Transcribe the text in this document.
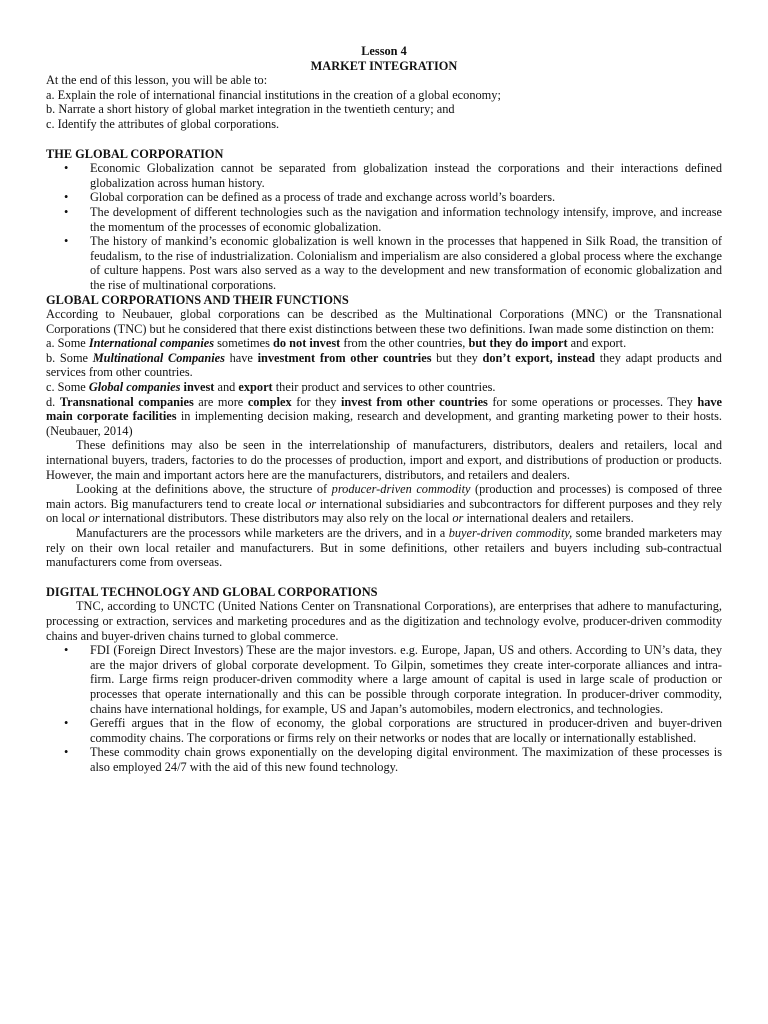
Lesson 4
MARKET INTEGRATION
At the end of this lesson, you will be able to:
a. Explain the role of international financial institutions in the creation of a global economy;
b. Narrate a short history of global market integration in the twentieth century; and
c. Identify the attributes of global corporations.
THE GLOBAL CORPORATION
• Economic Globalization cannot be separated from globalization instead the corporations and their interactions defined globalization across human history.
• Global corporation can be defined as a process of trade and exchange across world’s boarders.
• The development of different technologies such as the navigation and information technology intensify, improve, and increase the momentum of the processes of economic globalization.
• The history of mankind’s economic globalization is well known in the processes that happened in Silk Road, the transition of feudalism, to the rise of industrialization. Colonialism and imperialism are also considered a global process where the exchange of culture happens. Post wars also served as a way to the development and new transformation of economic globalization and the rise of multinational corporations.
GLOBAL CORPORATIONS AND THEIR FUNCTIONS

According to Neubauer, global corporations can be described as the Multinational Corporations (MNC) or the Transnational Corporations (TNC) but he considered that there exist distinctions between these two definitions. Iwan made some distinction on them:

a. Some International companies sometimes do not invest from the other countries, but they do import and export.

b. Some Multinational Companies have investment from other countries but they don’t export, instead they adapt products and services from other countries.

c. Some Global companies invest and export their product and services to other countries.

d. Transnational companies are more complex for they invest from other countries for some operations or processes. They have main corporate facilities in implementing decision making, research and development, and granting marketing power to their hosts. (Neubauer, 2014)

These definitions may also be seen in the interrelationship of manufacturers, distributors, dealers and retailers, local and international buyers, traders, factories to do the processes of production, import and export, and distributions of production or products. However, the main and important actors here are the manufacturers, distributors, and retailers and dealers.

Looking at the definitions above, the structure of producer-driven commodity (production and processes) is composed of three main actors. Big manufacturers tend to create local or international subsidiaries and subcontractors for different purposes and they rely on local or international distributors. These distributors may also rely on the local or international dealers and retailers.

Manufacturers are the processors while marketers are the drivers, and in a buyer-driven commodity, some branded marketers may rely on their own local retailer and manufacturers. But in some definitions, other retailers and buyers including sub-contractual manufacturers come from overseas.

DIGITAL TECHNOLOGY AND GLOBAL CORPORATIONS

TNC, according to UNCTC (United Nations Center on Transnational Corporations), are enterprises that adhere to manufacturing, processing or extraction, services and marketing procedures and as the digitization and technology evolve, producer-driven commodity chains and buyer-driven chains turned to global commerce.

• FDI (Foreign Direct Investors) These are the major investors. e.g. Europe, Japan, US and others. According to UN’s data, they are the major drivers of global corporate development. To Gilpin, sometimes they create inter-corporate alliances and intra-firm. Large firms reign producer-driven commodity where a large amount of capital is used in large scale of production or processes that operate internationally and this can be possible through corporate integration. In producer-driver commodity, chains have international holdings, for example, US and Japan’s automobiles, modern electronics, and technologies.
• Gereffi argues that in the flow of economy, the global corporations are structured in producer-driven and buyer-driven commodity chains. The corporations or firms rely on their networks or nodes that are locally or internationally established.
• These commodity chain grows exponentially on the developing digital environment. The maximization of these processes is also employed 24/7 with the aid of this new found technology.
